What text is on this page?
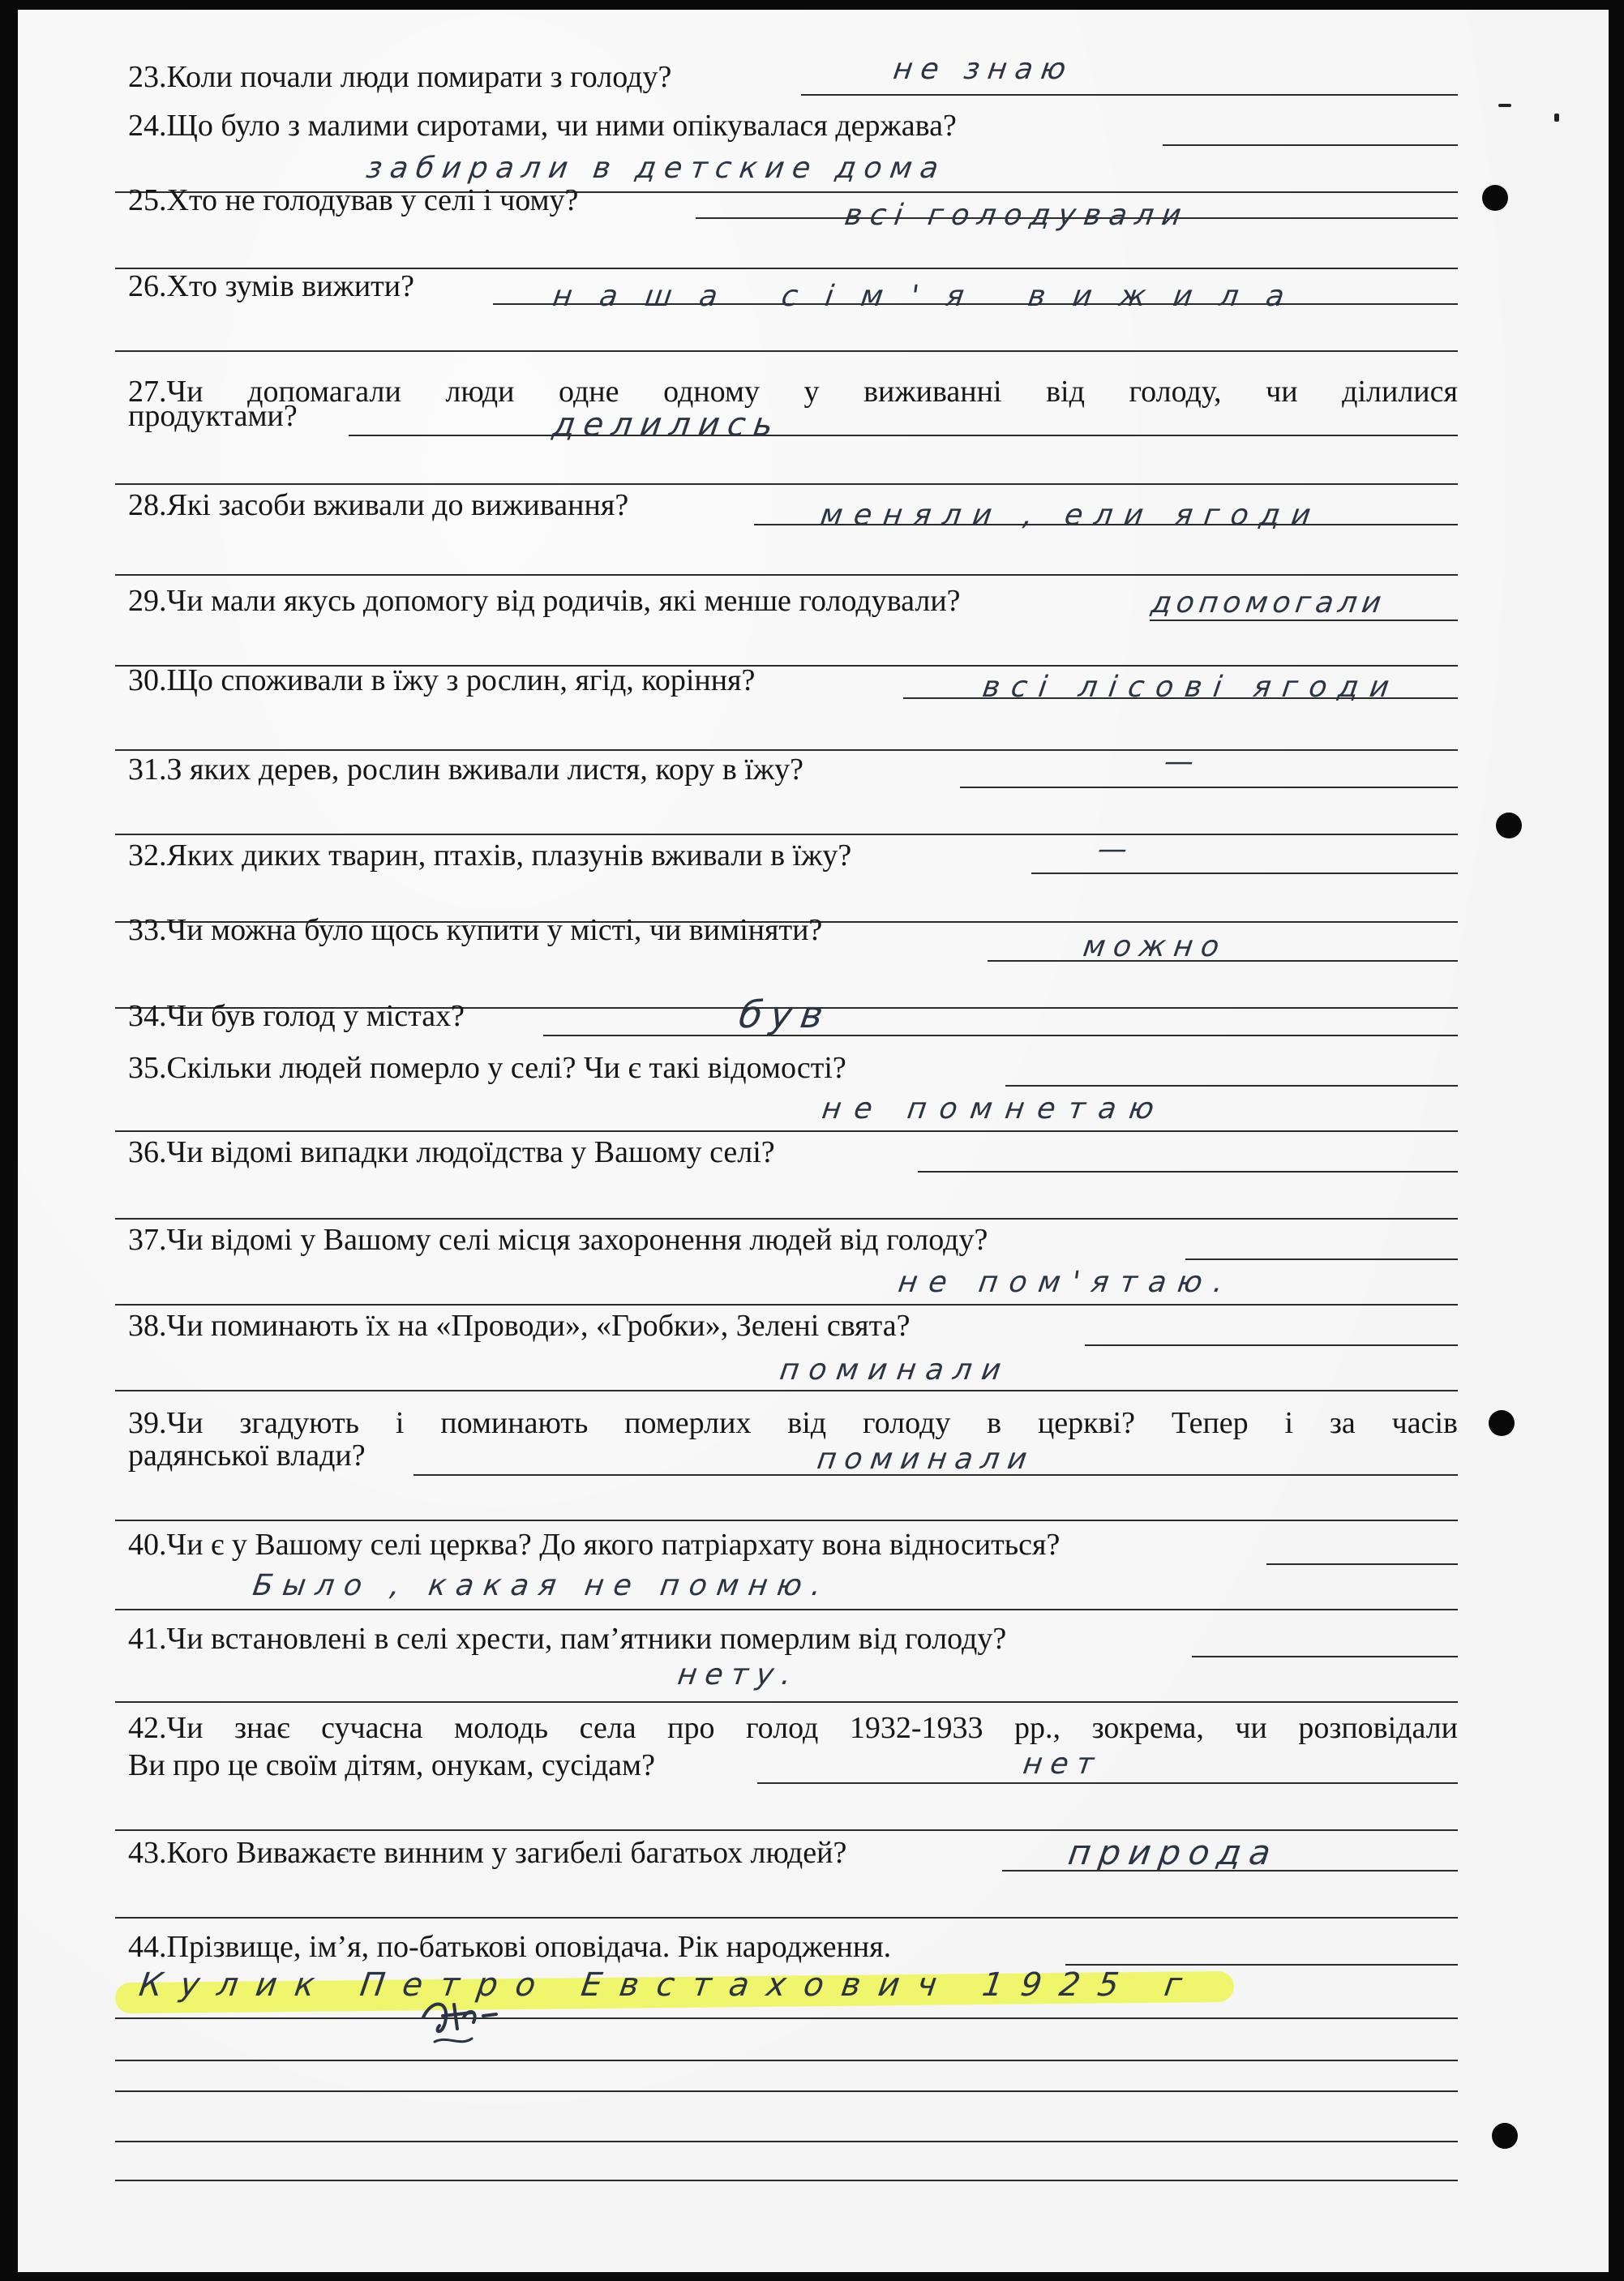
23.Коли почали люди помирати з голоду?	не знаю
24.Що було з малими сиротами, чи ними опікувалася держава?
забирали в детские дома
25.Хто не голодував у селі і чому?	всі голодували
26.Хто зумів вижити?	наша сім'я вижила
27.Чи допомагали люди одне одному у виживанні від голоду, чи ділилися
продуктами?	делились
28.Які засоби вживали до виживання?	меняли , ели ягоди
29.Чи мали якусь допомогу від родичів, які менше голодували?	допомогали
30.Що споживали в їжу з рослин, ягід, коріння?	всі лісові ягоди
31.З яких дерев, рослин вживали листя, кору в їжу?	—
32.Яких диких тварин, птахів, плазунів вживали в їжу?	—
33.Чи можна було щось купити у місті, чи виміняти?	можно
34.Чи був голод у містах?	був
35.Скільки людей померло у селі? Чи є такі відомості?
не помнетаю
36.Чи відомі випадки людоїдства у Вашому селі?
37.Чи відомі у Вашому селі місця захоронення людей від голоду?
не пом'ятаю.
38.Чи поминають їх на «Проводи», «Гробки», Зелені свята?
поминали
39.Чи згадують і поминають померлих від голоду в церкві? Тепер і за часів
радянської влади?	поминали
40.Чи є у Вашому селі церква? До якого патріархату вона відноситься?
Было , какая не помню.
41.Чи встановлені в селі хрести, пам’ятники померлим від голоду?
нету.
42.Чи знає сучасна молодь села про голод 1932-1933 рр., зокрема, чи розповідали
Ви про це своїм дітям, онукам, сусідам?	нет
43.Кого Виважаєте винним у загибелі багатьох людей?	природа
44.Прізвище, ім’я, по-батькові оповідача. Рік народження.
Кулик Петро Евстахович 1925 г
